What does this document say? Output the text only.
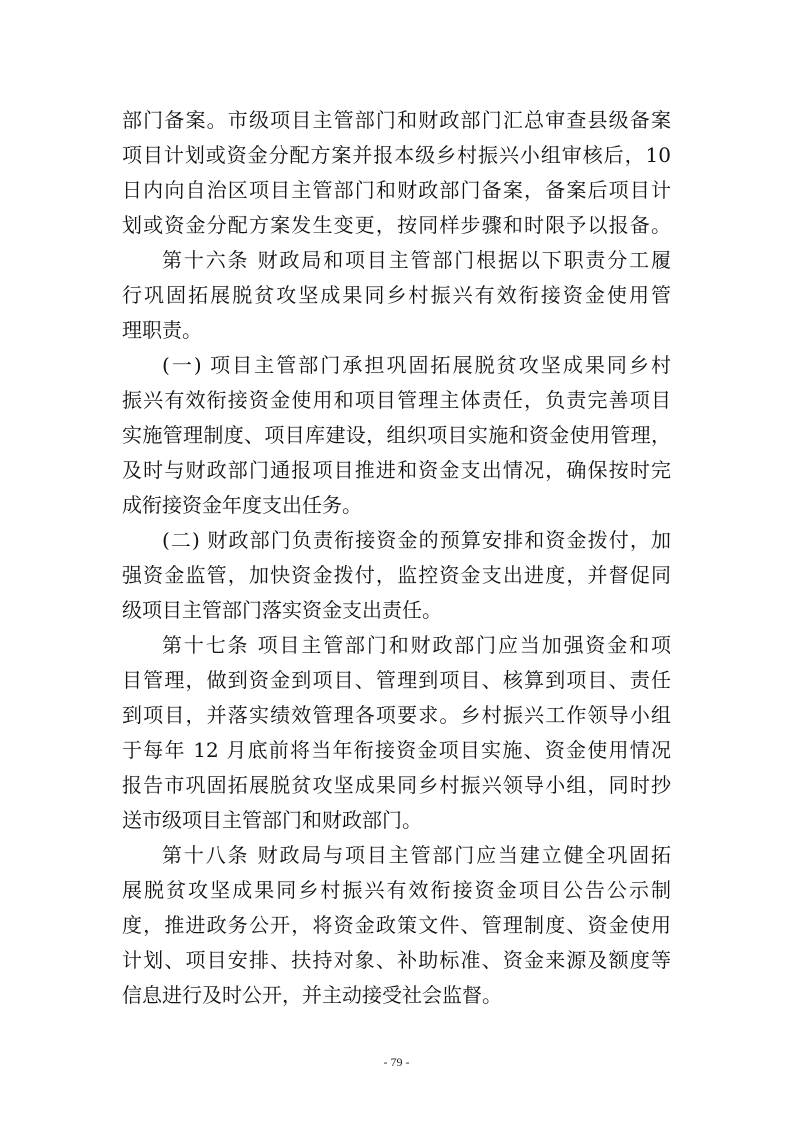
部门备案。市级项目主管部门和财政部门汇总审查县级备案
项目计划或资金分配方案并报本级乡村振兴小组审核后，10
日内向自治区项目主管部门和财政部门备案，备案后项目计
划或资金分配方案发生变更，按同样步骤和时限予以报备。
第十六条 财政局和项目主管部门根据以下职责分工履
行巩固拓展脱贫攻坚成果同乡村振兴有效衔接资金使用管
理职责。
(一) 项目主管部门承担巩固拓展脱贫攻坚成果同乡村
振兴有效衔接资金使用和项目管理主体责任，负责完善项目
实施管理制度、项目库建设，组织项目实施和资金使用管理，
及时与财政部门通报项目推进和资金支出情况，确保按时完
成衔接资金年度支出任务。
(二) 财政部门负责衔接资金的预算安排和资金拨付，加
强资金监管，加快资金拨付，监控资金支出进度，并督促同
级项目主管部门落实资金支出责任。
第十七条 项目主管部门和财政部门应当加强资金和项
目管理，做到资金到项目、管理到项目、核算到项目、责任
到项目，并落实绩效管理各项要求。乡村振兴工作领导小组
于每年 12 月底前将当年衔接资金项目实施、资金使用情况
报告市巩固拓展脱贫攻坚成果同乡村振兴领导小组，同时抄
送市级项目主管部门和财政部门。
第十八条 财政局与项目主管部门应当建立健全巩固拓
展脱贫攻坚成果同乡村振兴有效衔接资金项目公告公示制
度，推进政务公开，将资金政策文件、管理制度、资金使用
计划、项目安排、扶持对象、补助标准、资金来源及额度等
信息进行及时公开，并主动接受社会监督。
- 79 -
